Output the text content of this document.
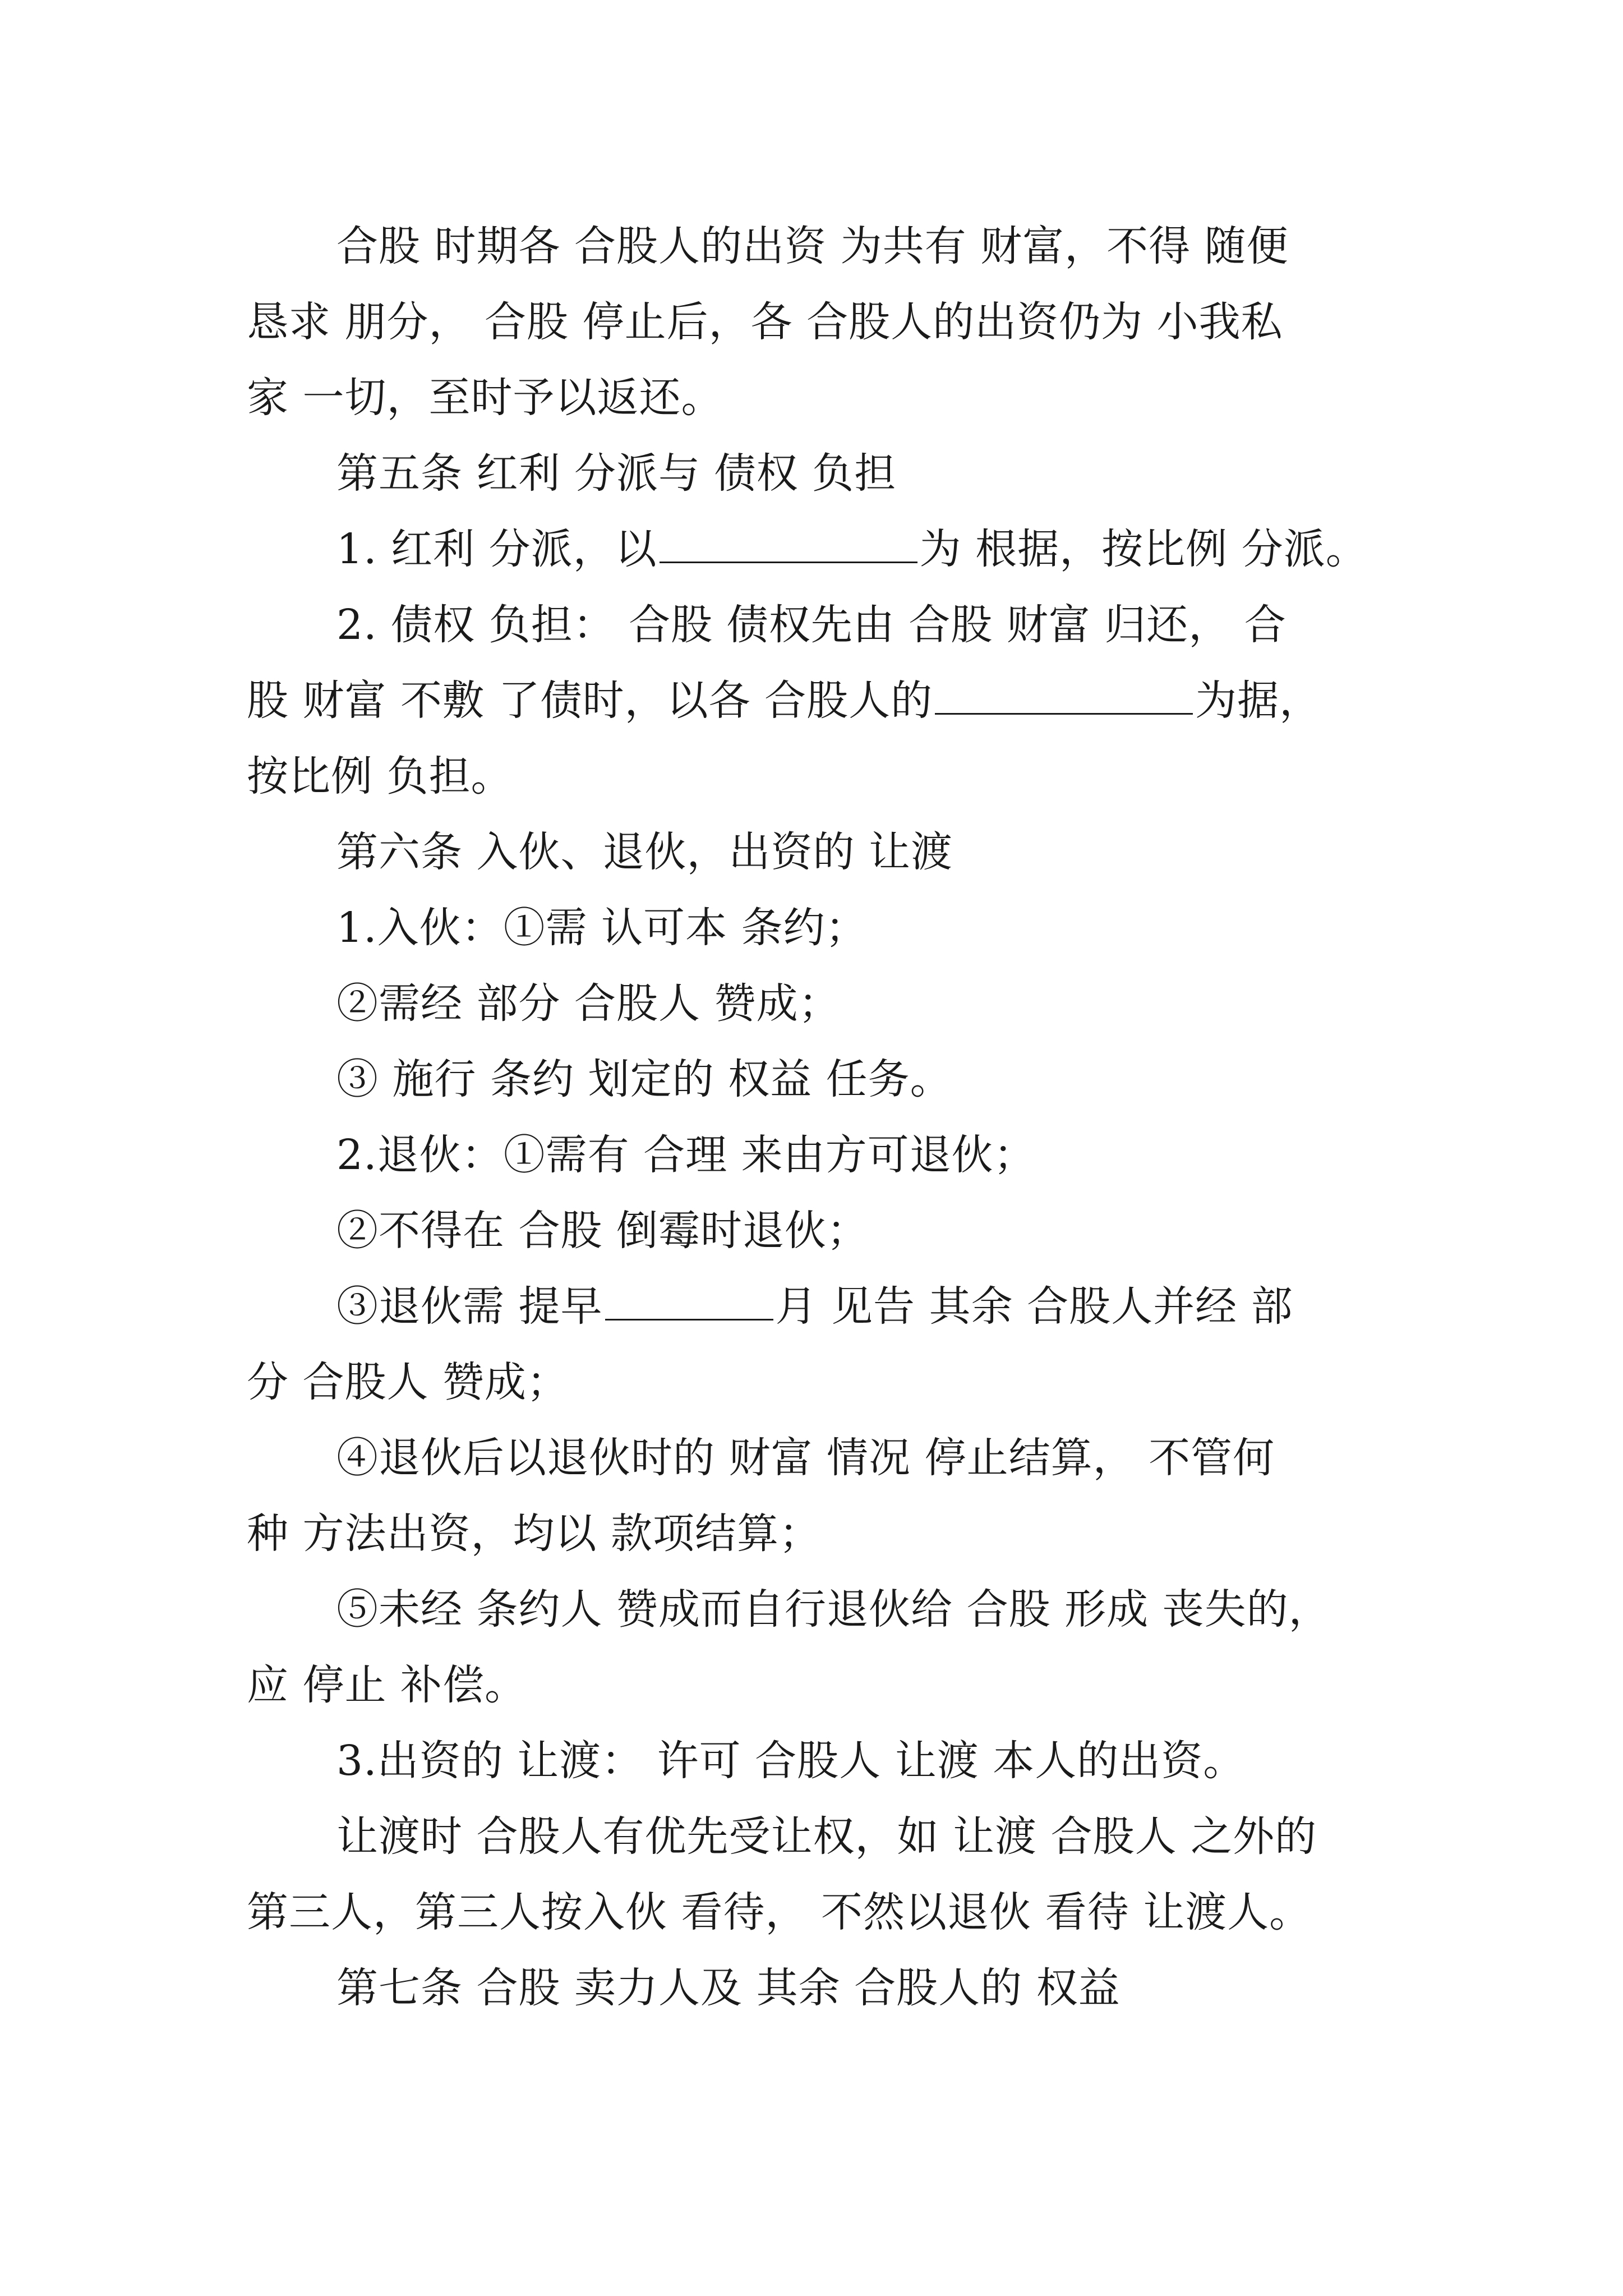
合股 时期各 合股人的出资 为共有 财富，不得 随便
恳求 朋分， 合股 停止后，各 合股人的出资仍为 小我私
家 一切，至时予以返还。
第五条 红利 分派与 债权 负担
1. 红利 分派，以	为 根据，按比例 分派。
2. 债权 负担： 合股 债权先由 合股 财富 归还， 合
股 财富 不敷 了债时，以各 合股人的	为据，
按比例 负担。
第六条 入伙、退伙，出资的 让渡
1.入伙：①需 认可本 条约；
②需经 部分 合股人 赞成；
③ 施行 条约 划定的 权益 任务。
2.退伙：①需有 合理 来由方可退伙；
②不得在 合股 倒霉时退伙；
③退伙需 提早	月 见告 其余 合股人并经 部
分 合股人 赞成；
④退伙后以退伙时的 财富 情况 停止结算， 不管何
种 方法出资，均以 款项结算；
⑤未经 条约人 赞成而自行退伙给 合股 形成 丧失的，
应 停止 补偿。
3.出资的 让渡： 许可 合股人 让渡 本人的出资。
让渡时 合股人有优先受让权，如 让渡 合股人 之外的
第三人，第三人按入伙 看待， 不然以退伙 看待 让渡人。
第七条 合股 卖力人及 其余 合股人的 权益
